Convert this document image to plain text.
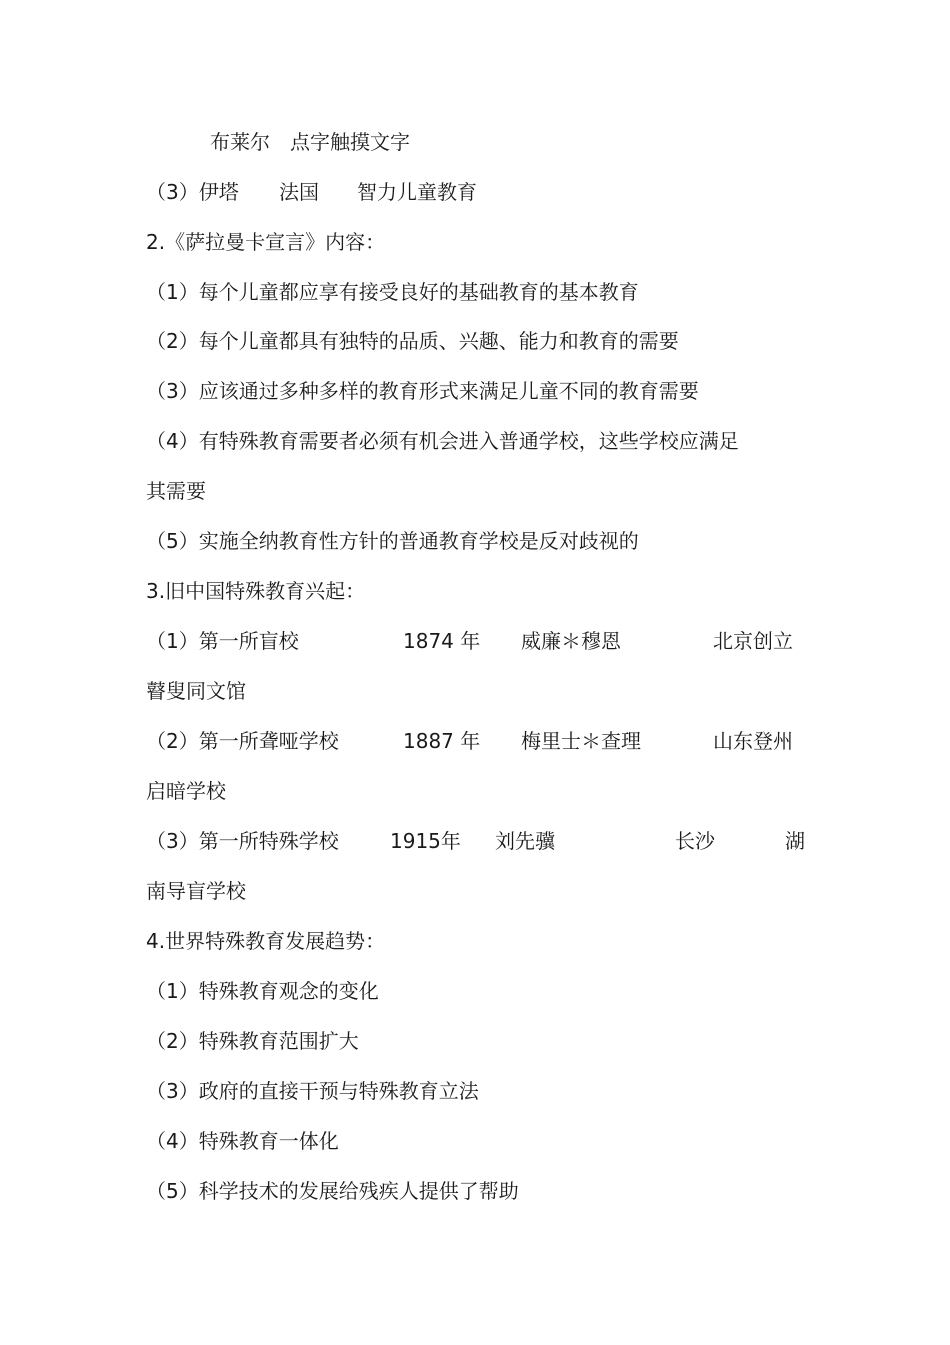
布莱尔 点字触摸文字
（3）伊塔 法国 智力儿童教育
2.《萨拉曼卡宣言》内容：
（1）每个儿童都应享有接受良好的基础教育的基本教育
（2）每个儿童都具有独特的品质、兴趣、能力和教育的需要
（3）应该通过多种多样的教育形式来满足儿童不同的教育需要
（4）有特殊教育需要者必须有机会进入普通学校，这些学校应满足
其需要
（5）实施全纳教育性方针的普通教育学校是反对歧视的
3.旧中国特殊教育兴起：
（1）第一所盲校	1874 年 威廉＊穆恩	北京创立
瞽叟同文馆
（2）第一所聋哑学校	1887 年 梅里士＊查理	山东登州
启暗学校
（3）第一所特殊学校	1915年 刘先骥	长沙	湖
南导盲学校
4.世界特殊教育发展趋势：
（1）特殊教育观念的变化
（2）特殊教育范围扩大
（3）政府的直接干预与特殊教育立法
（4）特殊教育一体化
（5）科学技术的发展给残疾人提供了帮助
